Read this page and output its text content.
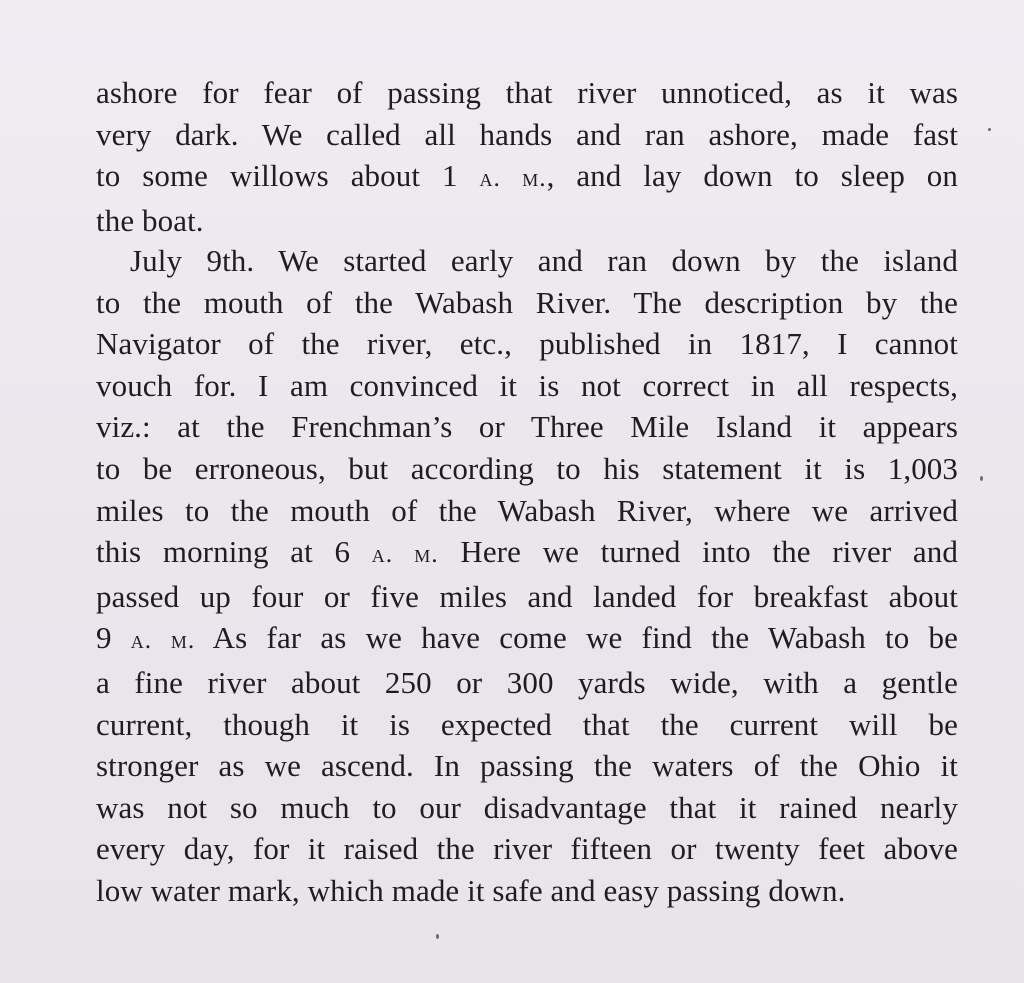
ashore for fear of passing that river unnoticed, as it was
very dark. We called all hands and ran ashore, made fast
to some willows about 1 a. m., and lay down to sleep on
the boat.
July 9th. We started early and ran down by the island
to the mouth of the Wabash River. The description by the
Navigator of the river, etc., published in 1817, I cannot
vouch for. I am convinced it is not correct in all respects,
viz.: at the Frenchman’s or Three Mile Island it appears
to be erroneous, but according to his statement it is 1,003
miles to the mouth of the Wabash River, where we arrived
this morning at 6 a. m. Here we turned into the river and
passed up four or five miles and landed for breakfast about
9 a. m. As far as we have come we find the Wabash to be
a fine river about 250 or 300 yards wide, with a gentle
current, though it is expected that the current will be
stronger as we ascend. In passing the waters of the Ohio it
was not so much to our disadvantage that it rained nearly
every day, for it raised the river fifteen or twenty feet above
low water mark, which made it safe and easy passing down.
